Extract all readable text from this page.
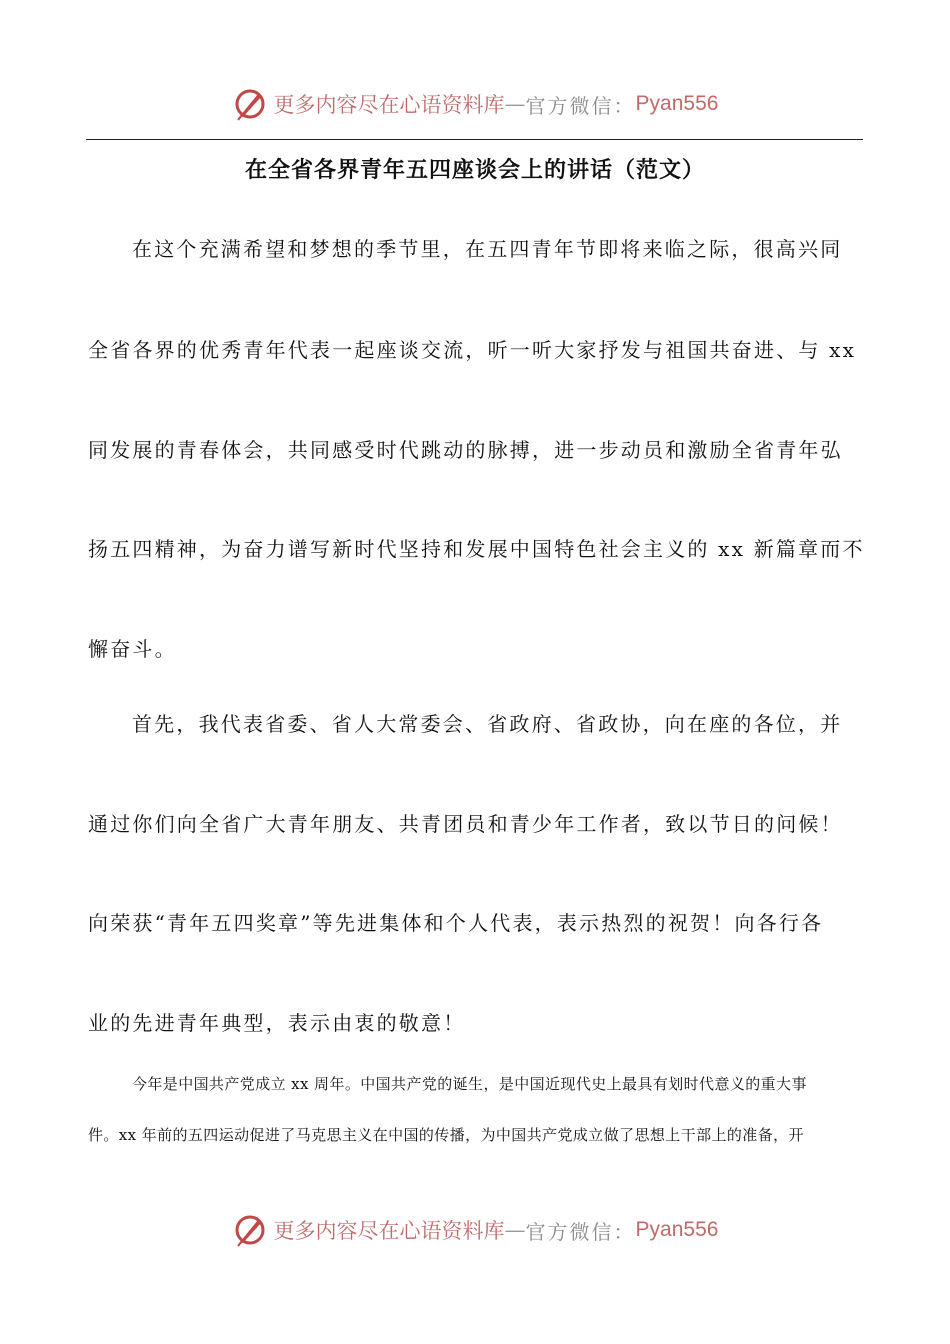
更多内容尽在心语资料库 — 官方微信： Pyan556
在全省各界青年五四座谈会上的讲话（范文）
在这个充满希望和梦想的季节里，在五四青年节即将来临之际，很高兴同
全省各界的优秀青年代表一起座谈交流，听一听大家抒发与祖国共奋进、与 xx
同发展的青春体会，共同感受时代跳动的脉搏，进一步动员和激励全省青年弘
扬五四精神，为奋力谱写新时代坚持和发展中国特色社会主义的 xx 新篇章而不
懈奋斗。
首先，我代表省委、省人大常委会、省政府、省政协，向在座的各位，并
通过你们向全省广大青年朋友、共青团员和青少年工作者，致以节日的问候！
向荣获“青年五四奖章”等先进集体和个人代表，表示热烈的祝贺！向各行各
业的先进青年典型，表示由衷的敬意！
今年是中国共产党成立 xx 周年。中国共产党的诞生，是中国近现代史上最具有划时代意义的重大事
件。xx 年前的五四运动促进了马克思主义在中国的传播，为中国共产党成立做了思想上干部上的准备，开
更多内容尽在心语资料库 — 官方微信： Pyan556
